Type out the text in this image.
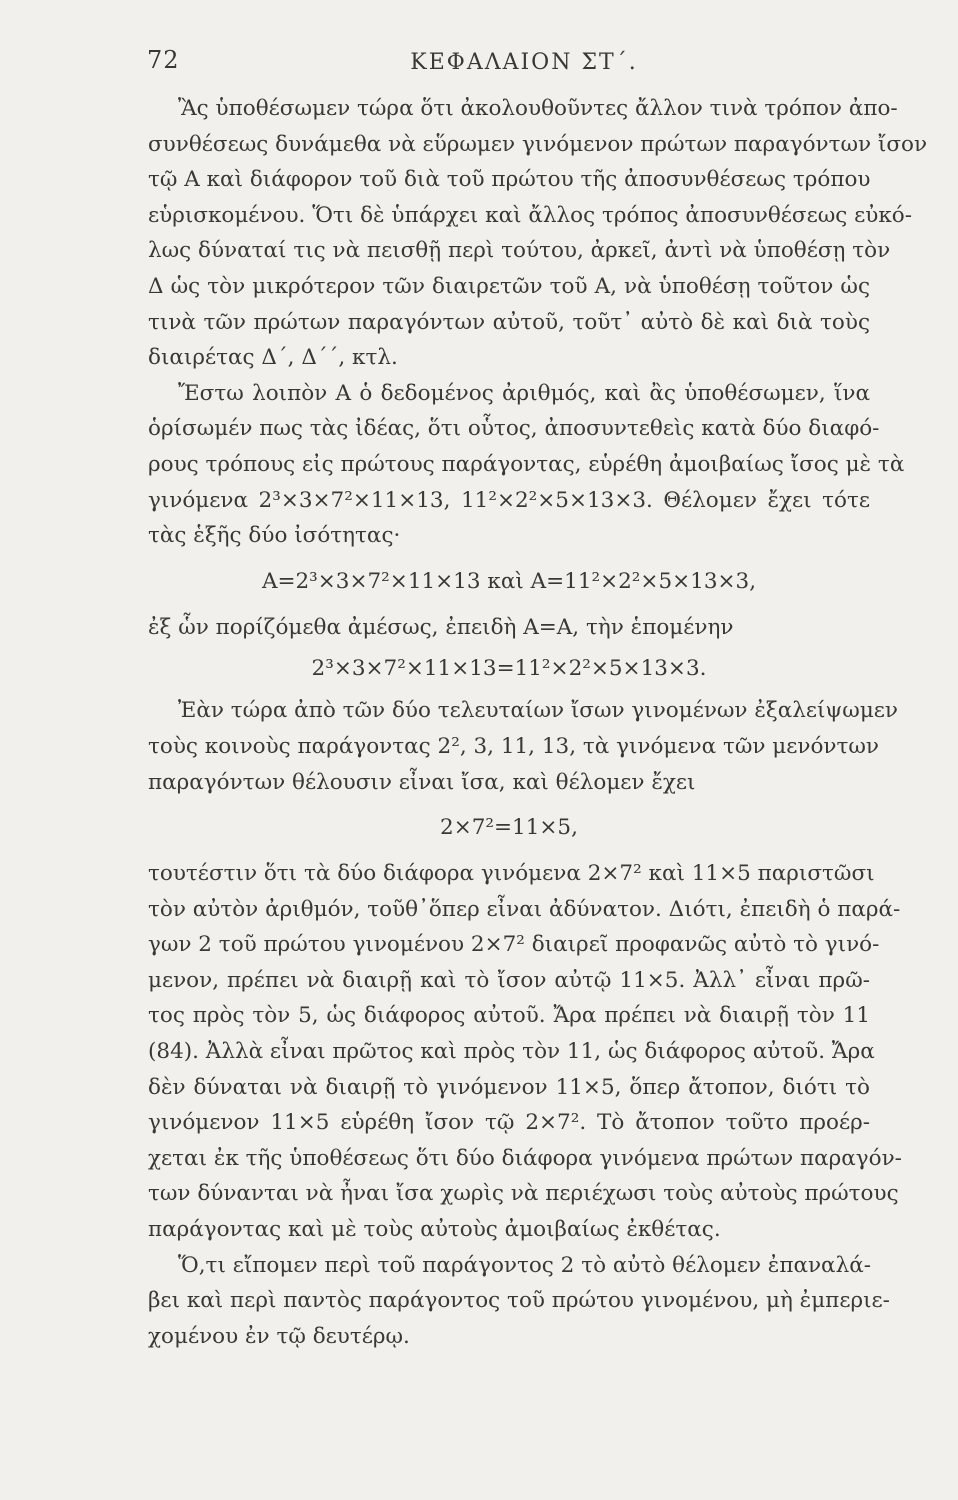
72	ΚΕΦΑΛΑΙΟΝ ΣΤ΄.
Ἂς ὑποθέσωμεν τώρα ὅτι ἀκολουθοῦντες ἄλλον τινὰ τρόπον ἀπο-
συνθέσεως δυνάμεθα νὰ εὕρωμεν γινόμενον πρώτων παραγόντων ἴσον
τῷ Α καὶ διάφορον τοῦ διὰ τοῦ πρώτου τῆς ἀποσυνθέσεως τρόπου
εὑρισκομένου. Ὅτι δὲ ὑπάρχει καὶ ἄλλος τρόπος ἀποσυνθέσεως εὐκό-
λως δύναταί τις νὰ πεισθῇ περὶ τούτου, ἀρκεῖ, ἀντὶ νὰ ὑποθέσῃ τὸν
Δ ὡς τὸν μικρότερον τῶν διαιρετῶν τοῦ Α, νὰ ὑποθέσῃ τοῦτον ὡς
τινὰ τῶν πρώτων παραγόντων αὐτοῦ, τοῦτ᾽ αὐτὸ δὲ καὶ διὰ τοὺς
διαιρέτας Δ΄, Δ΄΄, κτλ.
Ἔστω λοιπὸν Α ὁ δεδομένος ἀριθμός, καὶ ἂς ὑποθέσωμεν, ἵνα
ὁρίσωμέν πως τὰς ἰδέας, ὅτι οὗτος, ἀποσυντεθεὶς κατὰ δύο διαφό-
ρους τρόπους εἰς πρώτους παράγοντας, εὑρέθη ἀμοιβαίως ἴσος μὲ τὰ
γινόμενα 2³×3×7²×11×13, 11²×2²×5×13×3. Θέλομεν ἔχει τότε
τὰς ἑξῆς δύο ἰσότητας·
Α=2³×3×7²×11×13 καὶ Α=11²×2²×5×13×3,
ἐξ ὧν πορίζόμεθα ἀμέσως, ἐπειδὴ Α=Α, τὴν ἑπομένην
2³×3×7²×11×13=11²×2²×5×13×3.
Ἐὰν τώρα ἀπὸ τῶν δύο τελευταίων ἴσων γινομένων ἐξαλείψωμεν
τοὺς κοινοὺς παράγοντας 2², 3, 11, 13, τὰ γινόμενα τῶν μενόντων
παραγόντων θέλουσιν εἶναι ἴσα, καὶ θέλομεν ἔχει
2×7²=11×5,
τουτέστιν ὅτι τὰ δύο διάφορα γινόμενα 2×7² καὶ 11×5 παριστῶσι
τὸν αὐτὸν ἀριθμόν, τοῦθ᾽ὅπερ εἶναι ἀδύνατον. Διότι, ἐπειδὴ ὁ παρά-
γων 2 τοῦ πρώτου γινομένου 2×7² διαιρεῖ προφανῶς αὐτὸ τὸ γινό-
μενον, πρέπει νὰ διαιρῇ καὶ τὸ ἴσον αὐτῷ 11×5. Ἀλλ᾽ εἶναι πρῶ-
τος πρὸς τὸν 5, ὡς διάφορος αὐτοῦ. Ἄρα πρέπει νὰ διαιρῇ τὸν 11
(84). Ἀλλὰ εἶναι πρῶτος καὶ πρὸς τὸν 11, ὡς διάφορος αὐτοῦ. Ἄρα
δὲν δύναται νὰ διαιρῇ τὸ γινόμενον 11×5, ὅπερ ἄτοπον, διότι τὸ
γινόμενον 11×5 εὑρέθη ἴσον τῷ 2×7². Τὸ ἄτοπον τοῦτο προέρ-
χεται ἐκ τῆς ὑποθέσεως ὅτι δύο διάφορα γινόμενα πρώτων παραγόν-
των δύνανται νὰ ἦναι ἴσα χωρὶς νὰ περιέχωσι τοὺς αὐτοὺς πρώτους
παράγοντας καὶ μὲ τοὺς αὐτοὺς ἀμοιβαίως ἐκθέτας.
Ὅ,τι εἴπομεν περὶ τοῦ παράγοντος 2 τὸ αὐτὸ θέλομεν ἐπαναλά-
βει καὶ περὶ παντὸς παράγοντος τοῦ πρώτου γινομένου, μὴ ἐμπεριε-
χομένου ἐν τῷ δευτέρῳ.
